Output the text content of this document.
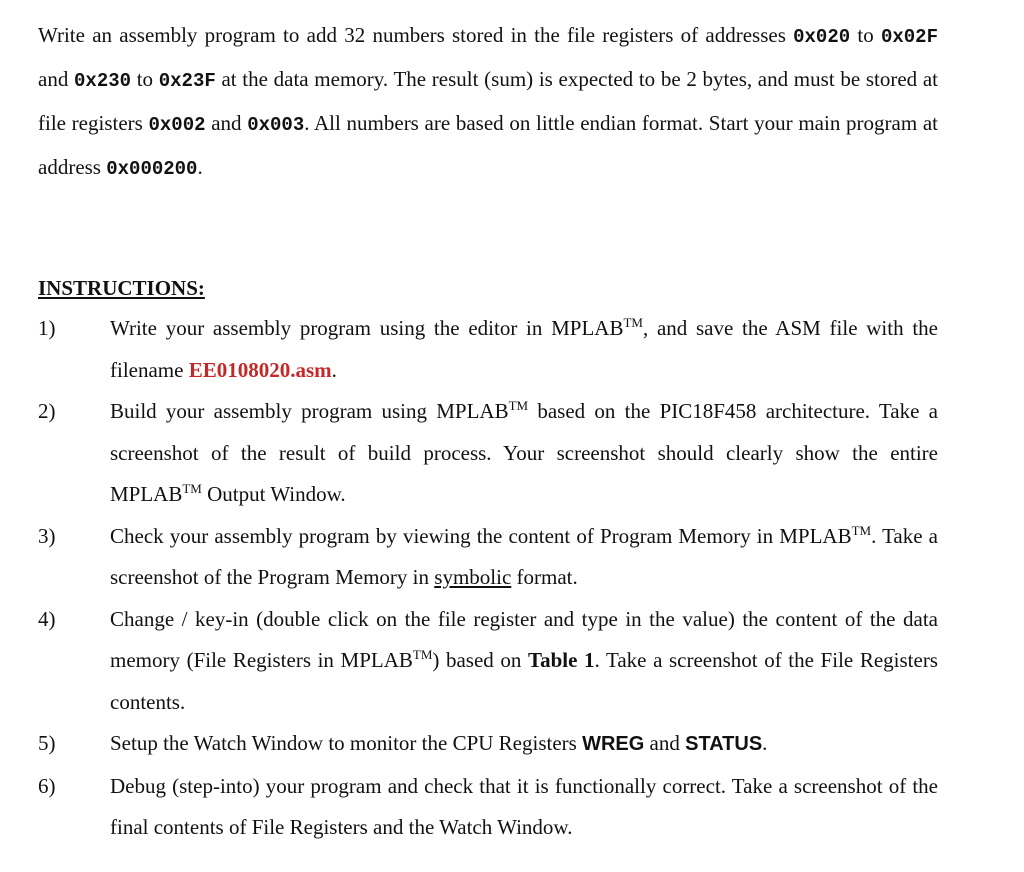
Write an assembly program to add 32 numbers stored in the file registers of addresses 0x020 to 0x02F and 0x230 to 0x23F at the data memory. The result (sum) is expected to be 2 bytes, and must be stored at file registers 0x002 and 0x003. All numbers are based on little endian format. Start your main program at address 0x000200.

INSTRUCTIONS:
1)	Write your assembly program using the editor in MPLAB™, and save the ASM file with the filename EE0108020.asm.
2)	Build your assembly program using MPLAB™ based on the PIC18F458 architecture. Take a screenshot of the result of build process. Your screenshot should clearly show the entire MPLAB™ Output Window.
3)	Check your assembly program by viewing the content of Program Memory in MPLAB™. Take a screenshot of the Program Memory in symbolic format.
4)	Change / key-in (double click on the file register and type in the value) the content of the data memory (File Registers in MPLAB™) based on Table 1. Take a screenshot of the File Registers contents.
5)	Setup the Watch Window to monitor the CPU Registers WREG and STATUS.
6)	Debug (step-into) your program and check that it is functionally correct. Take a screenshot of the final contents of File Registers and the Watch Window.
